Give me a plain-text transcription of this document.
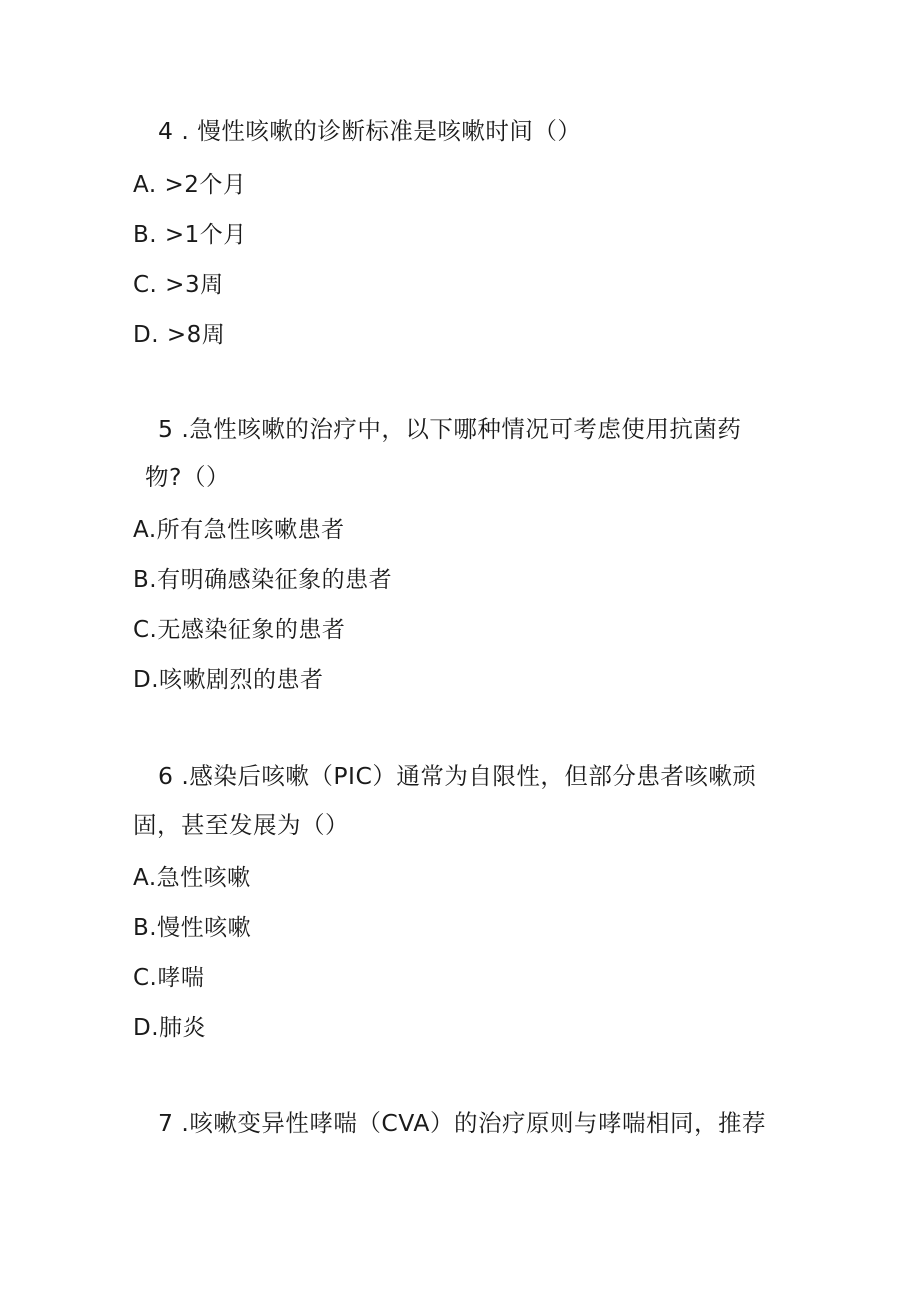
4 . 慢性咳嗽的诊断标准是咳嗽时间（）
A. >2个月
B. >1个月
C. >3周
D. >8周
5 .急性咳嗽的治疗中，以下哪种情况可考虑使用抗菌药
物?（）
A.所有急性咳嗽患者
B.有明确感染征象的患者
C.无感染征象的患者
D.咳嗽剧烈的患者
6 .感染后咳嗽（PIC）通常为自限性，但部分患者咳嗽顽
固，甚至发展为（）
A.急性咳嗽
B.慢性咳嗽
C.哮喘
D.肺炎
7 .咳嗽变异性哮喘（CVA）的治疗原则与哮喘相同，推荐
